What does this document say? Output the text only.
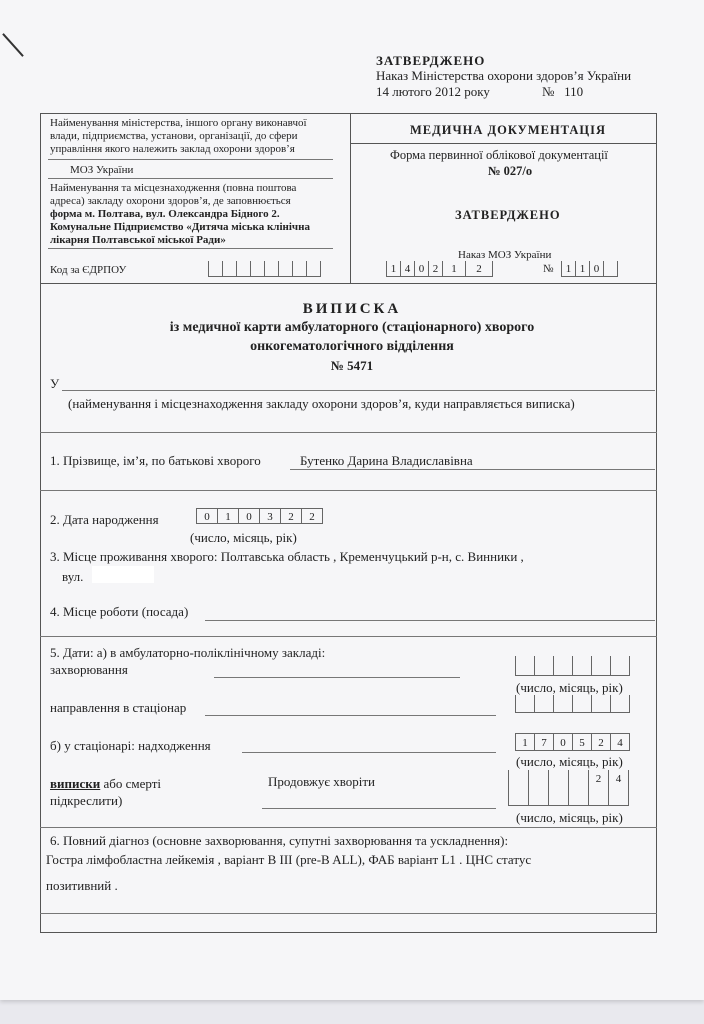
ЗАТВЕРДЖЕНО
Наказ Міністерства охорони здоров’я України
14 лютого 2012 року	№   110
Найменування міністерства, іншого органу виконавчої
влади, підприємства, установи, організації, до сфери
управління якого належить заклад охорони здоров’я
МОЗ України
Найменування та місцезнаходження (повна поштова
адреса) закладу охорони здоров’я, де заповнюється
форма м. Полтава, вул. Олександра Бідного 2.
Комунальне Підприємство «Дитяча міська клінічна
лікарня Полтавської міської Ради»
Код за ЄДРПОУ
МЕДИЧНА ДОКУМЕНТАЦІЯ
Форма первинної облікової документації
№ 027/о
ЗАТВЕРДЖЕНО
Наказ МОЗ України
1 4 0 2	1	2	№	1 1 0
ВИПИСКА
із медичної карти амбулаторного (стаціонарного) хворого
онкогематологічного відділення
№ 5471
У
(найменування і місцезнаходження закладу охорони здоров’я, куди направляється виписка)
1. Прізвище, ім’я, по батькові хворого	Бутенко Дарина Владиславівна
2. Дата народження	0	1	0	3	2	2
(число, місяць, рік)
3. Місце проживання хворого: Полтавська область , Кременчуцький р-н, с. Винники ,
вул.
4. Місце роботи (посада)
5. Дати: а) в амбулаторно-поліклінічному закладі:
захворювання
(число, місяць, рік)
направлення в стаціонар
б) у стаціонарі: надходження	1	7	0	5	2	4
(число, місяць, рік)
виписки або смерті
підкреслити)
Продовжує хворіти	2	4
(число, місяць, рік)
6. Повний діагноз (основне захворювання, супутні захворювання та ускладнення):
Гостра лімфобластна лейкемія , варіант В ІІІ (pre-B ALL), ФАБ варіант L1 . ЦНС статус
позитивний .
